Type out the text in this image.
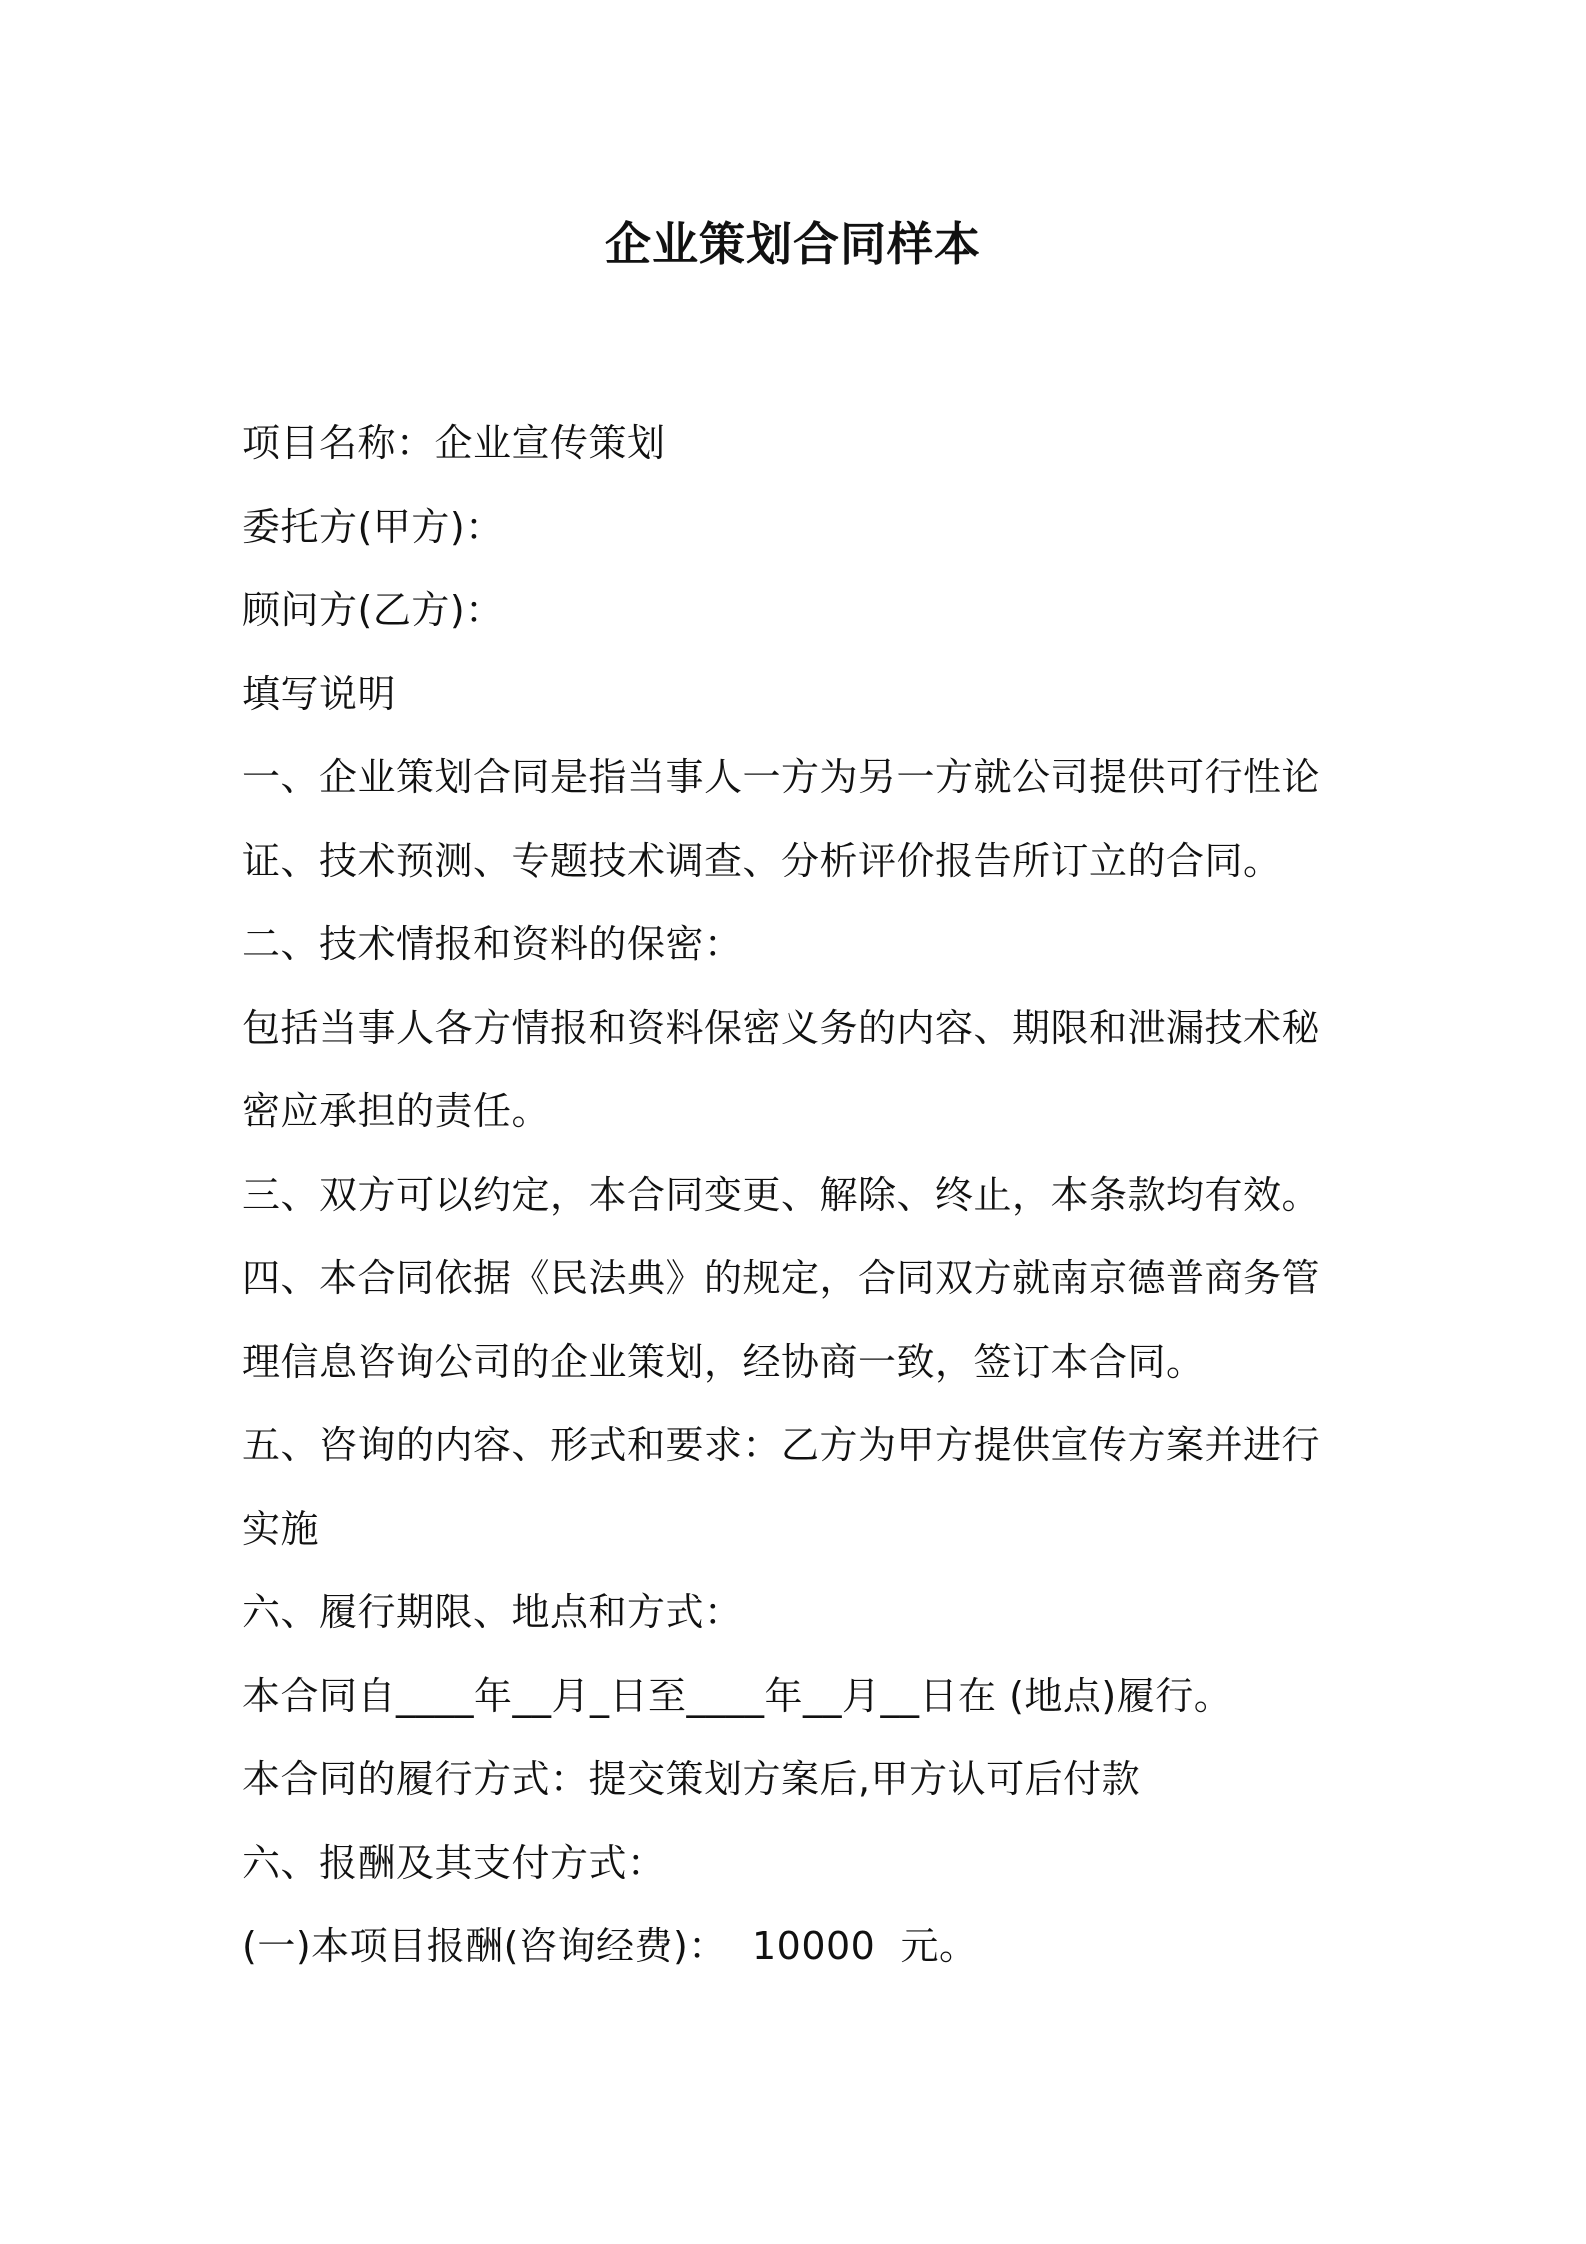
企业策划合同样本

项目名称：企业宣传策划

委托方(甲方)：

顾问方(乙方)：

填写说明

一、企业策划合同是指当事人一方为另一方就公司提供可行性论

证、技术预测、专题技术调查、分析评价报告所订立的合同。

二、技术情报和资料的保密：

包括当事人各方情报和资料保密义务的内容、期限和泄漏技术秘

密应承担的责任。

三、双方可以约定，本合同变更、解除、终止，本条款均有效。

四、本合同依据《民法典》的规定，合同双方就南京德普商务管

理信息咨询公司的企业策划，经协商一致，签订本合同。

五、咨询的内容、形式和要求：乙方为甲方提供宣传方案并进行

实施

六、履行期限、地点和方式：

本合同自____年__月_日至____年__月__日在 (地点)履行。

本合同的履行方式：提交策划方案后,甲方认可后付款

六、报酬及其支付方式：

(一)本项目报酬(咨询经费)：  10000  元。
